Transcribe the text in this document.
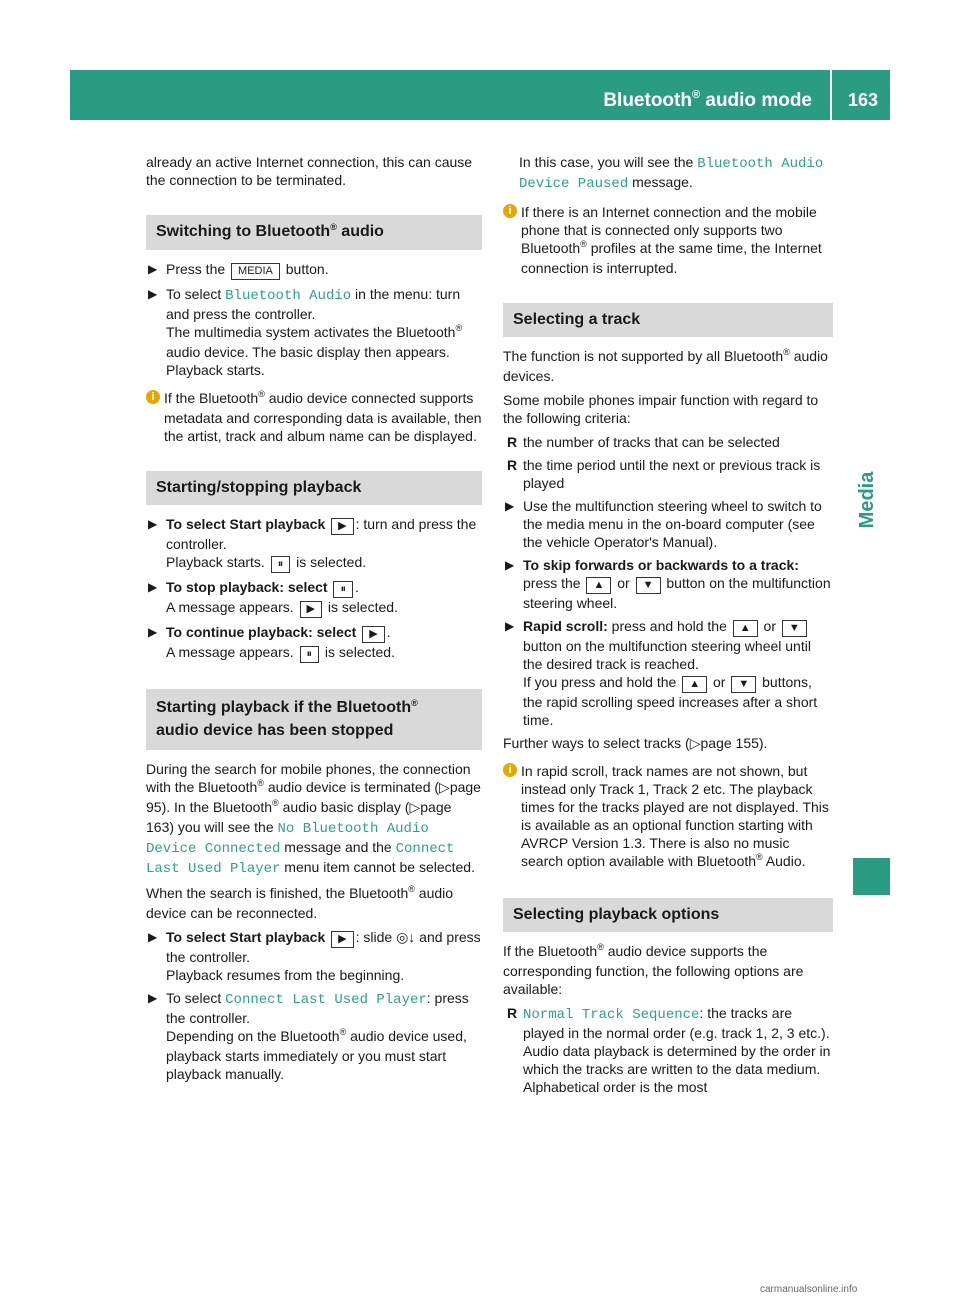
Bluetooth® audio mode 163
Media

already an active Internet connection, this can cause the connection to be terminated.

Switching to Bluetooth® audio
▶ Press the MEDIA button.
▶ To select Bluetooth Audio in the menu: turn and press the controller.
The multimedia system activates the Bluetooth® audio device. The basic display then appears. Playback starts.
i If the Bluetooth® audio device connected supports metadata and corresponding data is available, then the artist, track and album name can be displayed.
Starting/stopping playback
▶ To select Start playback ▶ : turn and press the controller.
Playback starts. ⏸ is selected.
▶ To stop playback: select ⏸ .
A message appears. ▶ is selected.
▶ To continue playback: select ▶ .
A message appears. ⏸ is selected.
Starting playback if the Bluetooth®
audio device has been stopped

During the search for mobile phones, the connection with the Bluetooth® audio device is terminated (▷page 95). In the Bluetooth® audio basic display (▷page 163) you will see the No Bluetooth Audio Device Connected message and the Connect Last Used Player menu item cannot be selected.

When the search is finished, the Bluetooth® audio device can be reconnected.

▶ To select Start playback ▶ : slide ◎↓ and press the controller.
Playback resumes from the beginning.
▶ To select Connect Last Used Player: press the controller.
Depending on the Bluetooth® audio device used, playback starts immediately or you must start playback manually.

In this case, you will see the Bluetooth Audio Device Paused message.

i If there is an Internet connection and the mobile phone that is connected only supports two Bluetooth® profiles at the same time, the Internet connection is interrupted.
Selecting a track

The function is not supported by all Bluetooth® audio devices.

Some mobile phones impair function with regard to the following criteria:

R the number of tracks that can be selected
R the time period until the next or previous track is played
▶ Use the multifunction steering wheel to switch to the media menu in the on-board computer (see the vehicle Operator's Manual).
▶ To skip forwards or backwards to a track: press the ▲ or ▼ button on the multifunction steering wheel.
▶ Rapid scroll: press and hold the ▲ or ▼ button on the multifunction steering wheel until the desired track is reached.
If you press and hold the ▲ or ▼ buttons, the rapid scrolling speed increases after a short time.

Further ways to select tracks (▷page 155).

i In rapid scroll, track names are not shown, but instead only Track 1, Track 2 etc. The playback times for the tracks played are not displayed. This is available as an optional function starting with AVRCP Version 1.3. There is also no music search option available with Bluetooth® Audio.
Selecting playback options

If the Bluetooth® audio device supports the corresponding function, the following options are available:

R Normal Track Sequence: the tracks are played in the normal order (e.g. track 1, 2, 3 etc.).
Audio data playback is determined by the order in which the tracks are written to the data medium. Alphabetical order is the most
carmanualsonline.info
